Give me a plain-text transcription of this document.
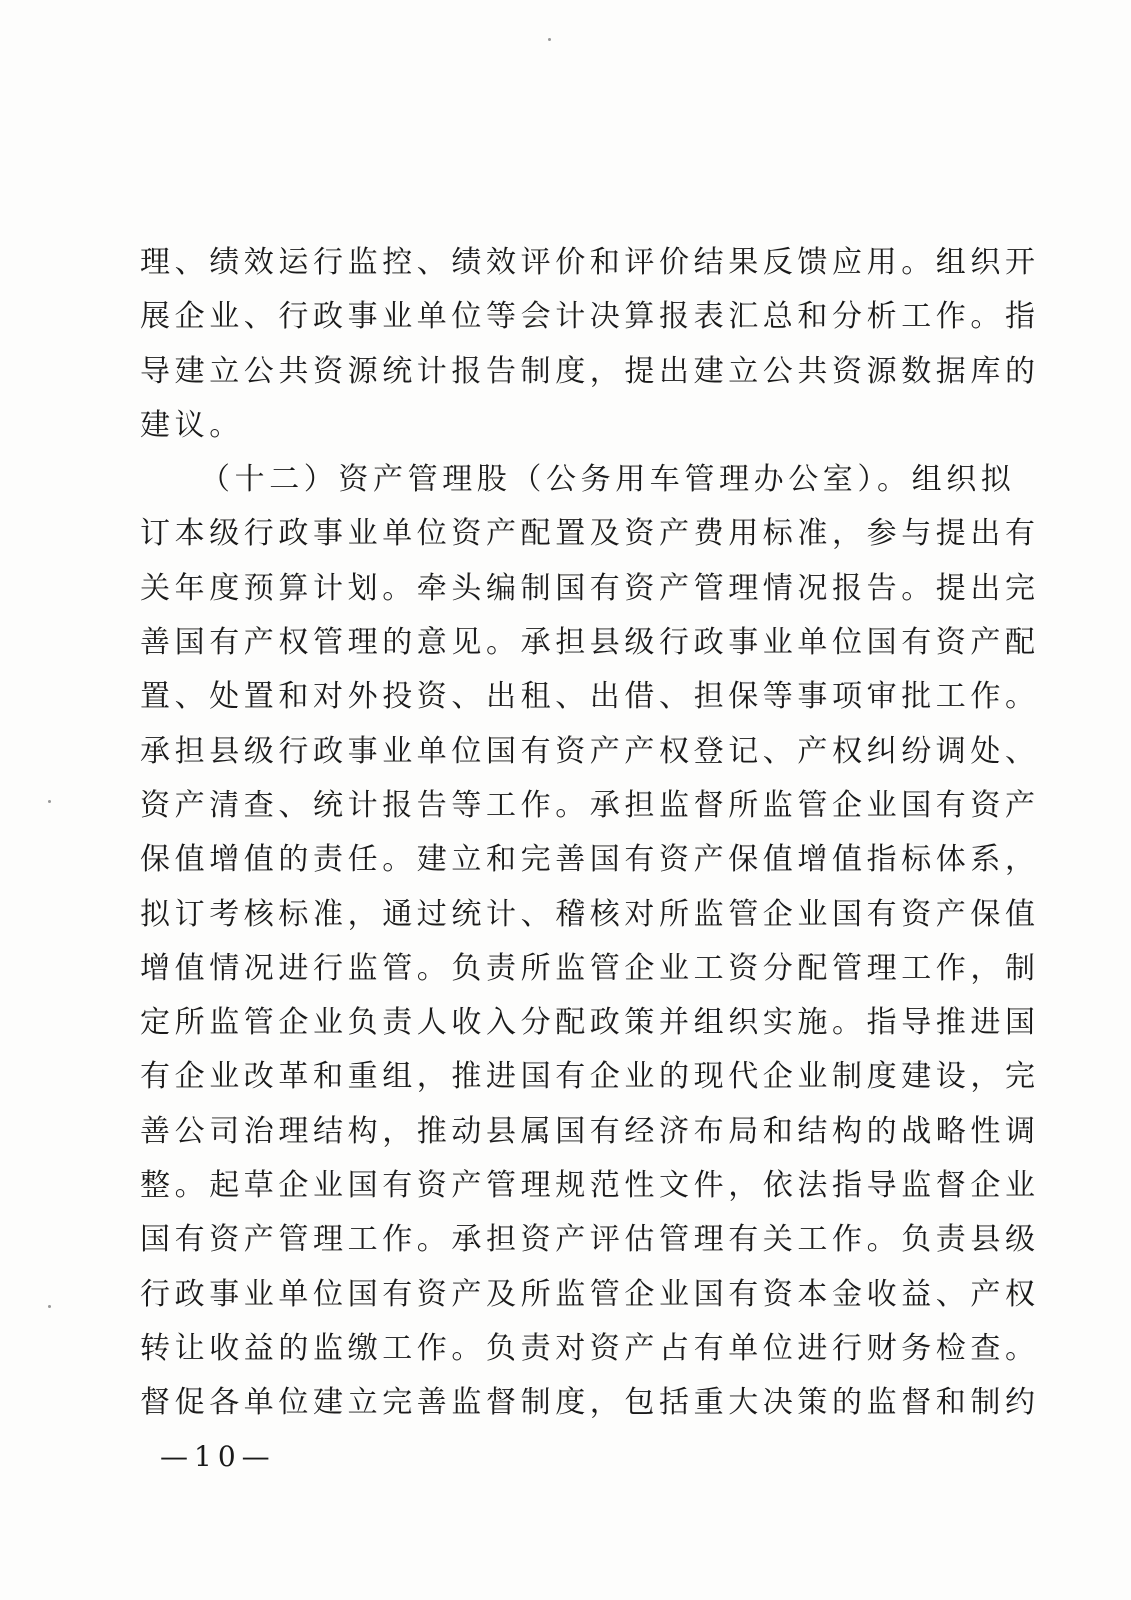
理、绩效运行监控、绩效评价和评价结果反馈应用。组织开
展企业、行政事业单位等会计决算报表汇总和分析工作。指
导建立公共资源统计报告制度，提出建立公共资源数据库的
建议。
（十二）资产管理股（公务用车管理办公室）。组织拟
订本级行政事业单位资产配置及资产费用标准，参与提出有
关年度预算计划。牵头编制国有资产管理情况报告。提出完
善国有产权管理的意见。承担县级行政事业单位国有资产配
置、处置和对外投资、出租、出借、担保等事项审批工作。
承担县级行政事业单位国有资产产权登记、产权纠纷调处、
资产清查、统计报告等工作。承担监督所监管企业国有资产
保值增值的责任。建立和完善国有资产保值增值指标体系，
拟订考核标准，通过统计、稽核对所监管企业国有资产保值
增值情况进行监管。负责所监管企业工资分配管理工作，制
定所监管企业负责人收入分配政策并组织实施。指导推进国
有企业改革和重组，推进国有企业的现代企业制度建设，完
善公司治理结构，推动县属国有经济布局和结构的战略性调
整。起草企业国有资产管理规范性文件，依法指导监督企业
国有资产管理工作。承担资产评估管理有关工作。负责县级
行政事业单位国有资产及所监管企业国有资本金收益、产权
转让收益的监缴工作。负责对资产占有单位进行财务检查。
督促各单位建立完善监督制度，包括重大决策的监督和制约
—10—
